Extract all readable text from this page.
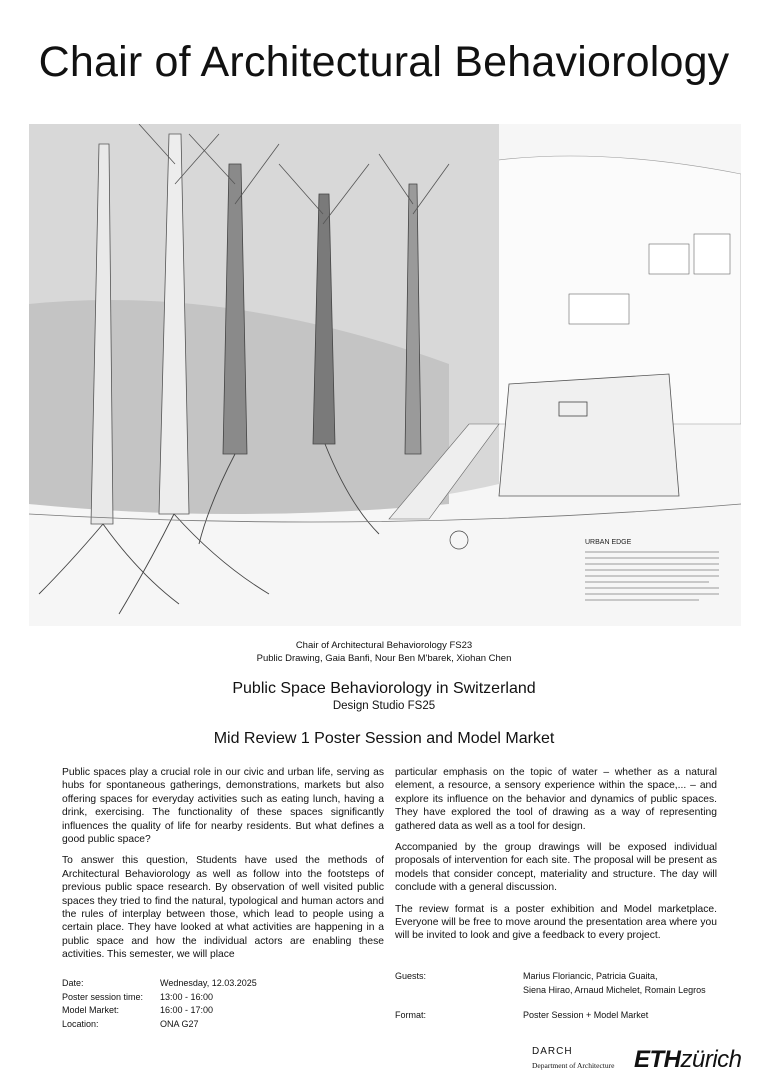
Chair of Architectural Behaviorology
URBAN EDGE
Chair of Architectural Behaviorology FS23
Public Drawing, Gaia Banfi, Nour Ben M'barek, Xiohan Chen
Public Space Behaviorology in Switzerland
Design Studio FS25
Mid Review 1 Poster Session and Model Market

Public spaces play a crucial role in our civic and urban life, serving as hubs for spontaneous gatherings, demonstrations, markets but also offering spaces for everyday activities such as eating lunch, having a drink, exercising. The functionality of these spaces significantly influences the quality of life for nearby residents. But what defines a good public space?

To answer this question, Students have used the methods of Architectural Behaviorology as well as follow into the footsteps of previous public space research. By observation of well visited public spaces they tried to find the natural, typological and human actors and the rules of interplay between those, which lead to people using a certain place. They have looked at what activities are happening in a public space and how the individual actors are enabling these activities. This semester, we will place

particular emphasis on the topic of water – whether as a natural element, a resource, a sensory experience within the space,... – and explore its influence on the behavior and dynamics of public spaces. They have explored the tool of drawing as a way of representing gathered data as well as a tool for design.

Accompanied by the group drawings will be exposed individual proposals of intervention for each site. The proposal will be present as models that consider concept, materiality and structure. The day will conclude with a general discussion.

The review format is a poster exhibition and Model marketplace. Everyone will be free to move around the presentation area where you will be invited to look and give a feedback to every project.

Date:	Wednesday, 12.03.2025
Poster session time:	13:00 - 16:00
Model Market:	16:00 - 17:00
Location:	ONA G27
Guests:	Marius Floriancic, Patricia Guaita,
Siena Hirao, Arnaud Michelet, Romain Legros
Format:	Poster Session + Model Market
DARCH
Department of Architecture ETHzürich
